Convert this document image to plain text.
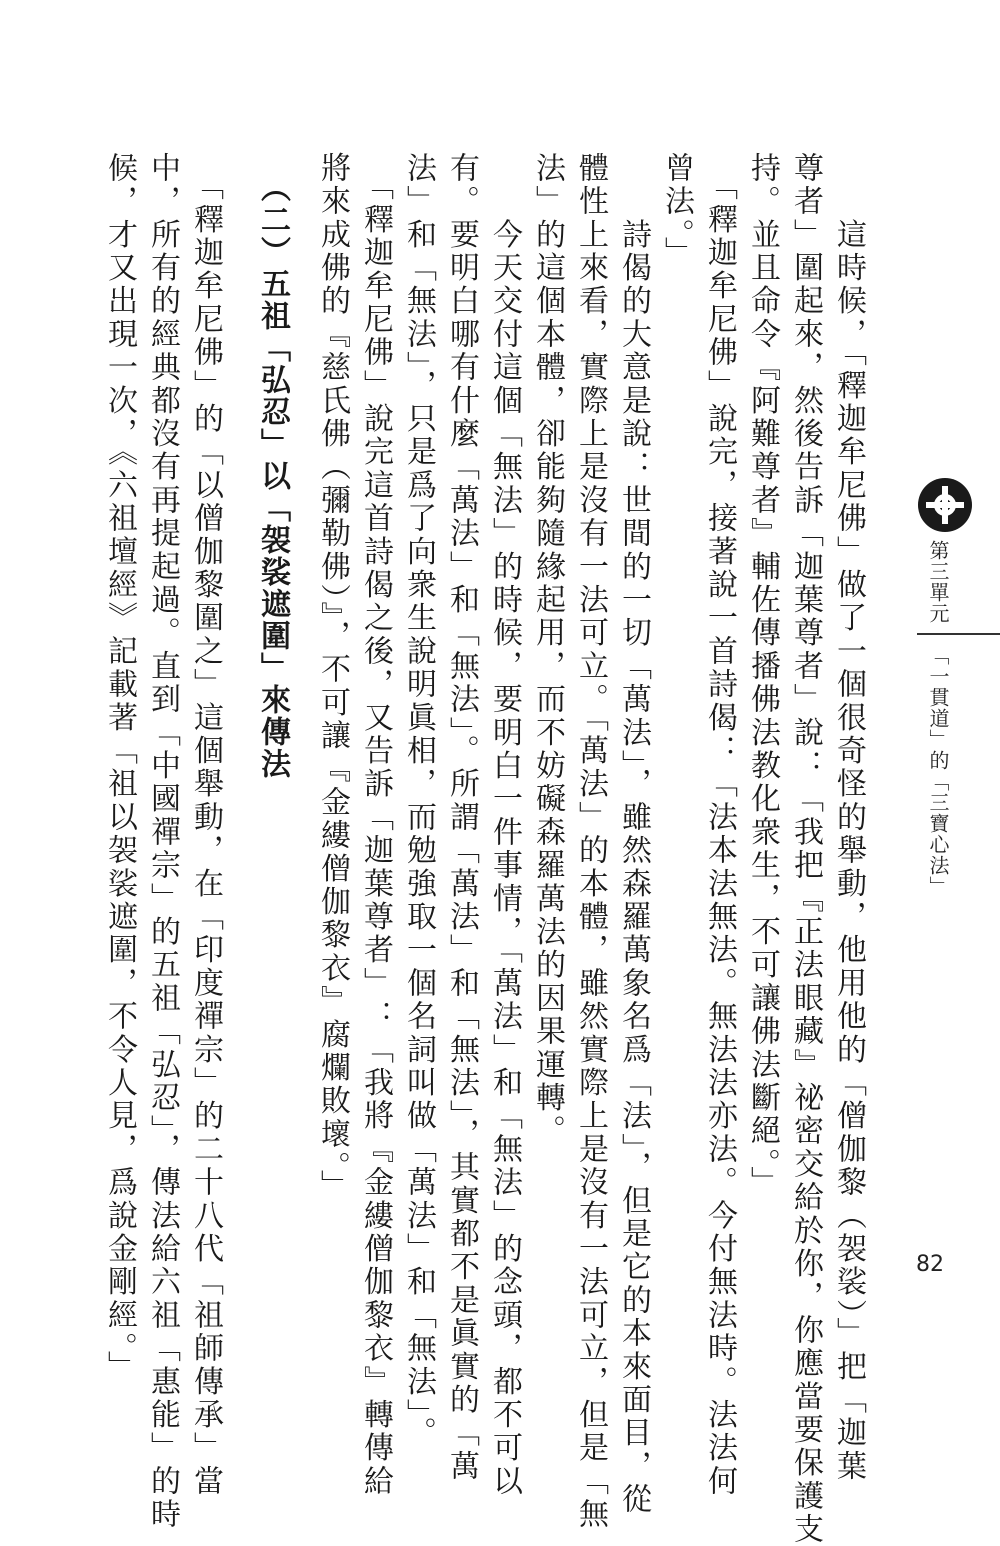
第三單元
「一貫道」的「三寶心法」
　　這時候，「釋迦牟尼佛」做了一個很奇怪的舉動，他用他的「僧伽黎（袈裟）」把「迦葉
尊者」圍起來，然後告訴「迦葉尊者」說：「我把『正法眼藏』祕密交給於你，你應當要保護支
持。並且命令『阿難尊者』輔佐傳播佛法教化衆生，不可讓佛法斷絕。」
　「釋迦牟尼佛」說完，接著說一首詩偈：「法本法無法。無法法亦法。今付無法時。法法何
曾法。」
　　詩偈的大意是說：世間的一切「萬法」，雖然森羅萬象名爲「法」，但是它的本來面目，從
體性上來看，實際上是沒有一法可立。「萬法」的本體，雖然實際上是沒有一法可立，但是「無
法」的這個本體，卻能夠隨緣起用，而不妨礙森羅萬法的因果運轉。
　　今天交付這個「無法」的時候，要明白一件事情，「萬法」和「無法」的念頭，都不可以
有。要明白哪有什麼「萬法」和「無法」。所謂「萬法」和「無法」，其實都不是眞實的「萬
法」和「無法」，只是爲了向衆生說明眞相，而勉強取一個名詞叫做「萬法」和「無法」。
　「釋迦牟尼佛」說完這首詩偈之後，又告訴「迦葉尊者」：「我將『金縷僧伽黎衣』轉傳給
將來成佛的『慈氏佛（彌勒佛）』，不可讓『金縷僧伽黎衣』腐爛敗壞。」
（二）五祖「弘忍」以「袈裟遮圍」來傳法
　「釋迦牟尼佛」的「以僧伽黎圍之」這個舉動，在「印度禪宗」的二十八代「祖師傳承」當
中，所有的經典都沒有再提起過。直到「中國禪宗」的五祖「弘忍」，傳法給六祖「惠能」的時
候，才又出現一次，《六祖壇經》記載著「祖以袈裟遮圍，不令人見，爲說金剛經。」	82
